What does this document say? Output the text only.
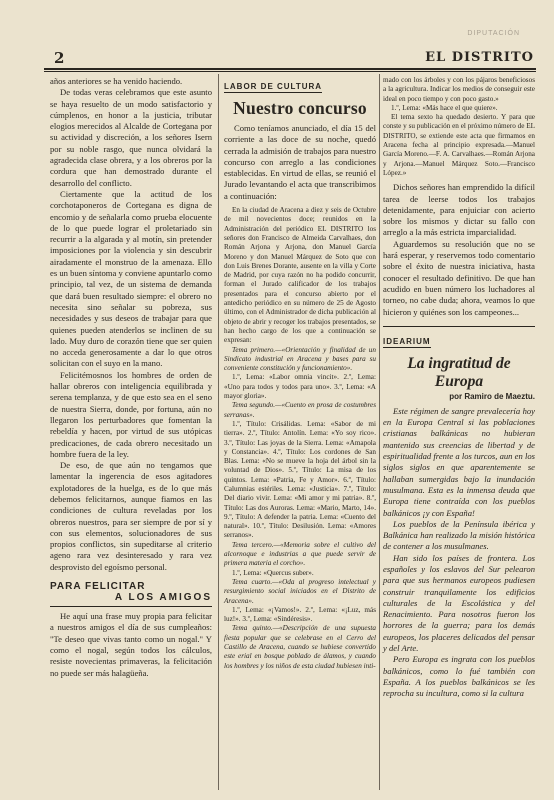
DIPUTACIÓN
2	EL DISTRITO

años anteriores se ha venido haciendo.

De todas veras celebramos que este asunto se haya resuelto de un modo satisfactorio y cúmplenos, en honor a la justicia, tributar elogios merecidos al Alcalde de Cortegana por su actividad y discreción, a los señores Isern por su noble rasgo, que nunca olvidará la agradecida clase obrera, y a los obreros por la cordura que han demostrado durante el desarrollo del conflicto.

Ciertamente que la actitud de los corchotaponeros de Cortegana es digna de encomio y de señalarla como prueba elocuente de lo que puede lograr el proletariado sin recurrir a la algarada y al motín, sin pretender imposiciones por la violencia y sin descubrir airadamente el monstruo de la amenaza. Ello es un buen síntoma y conviene apuntarlo como principio, tal vez, de un sistema de demanda que dará buen resultado siempre: el obrero no necesita sino señalar su pobreza, sus necesidades y sus deseos de trabajar para que quienes pueden atenderlos se inclinen de su lado. Muy duro de corazón tiene que ser quien no acceda generosamente a dar lo que otros solicitan con el suyo en la mano.

Felicitémosnos los hombres de orden de hallar obreros con inteligencia equilibrada y serena templanza, y de que esto sea en el seno de nuestra Sierra, donde, por fortuna, aún no llegaron los perturbadores que fomentan la rebeldía y hacen, por virtud de sus utópicas predicaciones, de cada obrero necesitado un hombre fuera de la ley.

De eso, de que aún no tengamos que lamentar la ingerencia de esos agitadores explotadores de la huelga, es de lo que más debemos felicitarnos, aunque fiamos en las condiciones de cultura reveladas por los obreros nuestros, para ser siempre de por sí y con sus elementos, solucionadores de sus propios conflictos, sin supeditarse al criterio ageno rara vez desinteresado y rara vez desprovisto del egoísmo personal.

PARA FELICITAR
A LOS AMIGOS

He aquí una frase muy propia para felicitar a nuestros amigos el día de sus cumpleaños: "Te deseo que vivas tanto como un nogal." Y como el nogal, según todos los cálculos, resiste novecientas primaveras, la felicitación no puede ser más halagüeña.

LABOR DE CULTURA
Nuestro concurso

Como teníamos anunciado, el día 15 del corriente a las doce de su noche, quedó cerrada la admisión de trabajos para nuestro concurso con arreglo a las condiciones establecidas. En virtud de ellas, se reunió el Jurado levantando el acta que transcribimos a continuación:

En la ciudad de Aracena a diez y seis de Octubre de mil novecientos doce; reunidos en la Administración del periódico EL DISTRITO los señores don Francisco de Almeida Carvalhaes, don Román Arjona y Arjona, don Manuel García Moreno y don Manuel Márquez de Soto que con don Luis Brenes Dorante, ausente en la villa y Corte de Madrid, por cuya razón no ha podido concurrir, forman el Jurado calificador de los trabajos presentados para el concurso abierto por el antedicho periódico en su número de 25 de Agosto último, con el Administrador de dicha publicación al objeto de abrir y recoger los trabajos presentados, se han hecho cargo de los que a continuación se expresan:

Tema primero.—«Orientación y finalidad de un Sindicato industrial en Aracena y bases para su conveniente constitución y funcionamiento».

1.º, Lema: «Labor omnia vincit». 2.º, Lema: «Uno para todos y todos para uno». 3.º, Lema: «A mayor gloria».

Tema segundo.—«Cuento en prosa de costumbres serranas».

1.º, Título: Crisálidas. Lema: «Sabor de mi tierra». 2.º, Título: Antolín. Lema: «Yo soy rico». 3.º, Título: Las joyas de la Sierra. Lema: «Amapola y Constancia». 4.º, Título: Los cordones de San Blas. Lema: «No se mueve la hoja del árbol sin la voluntad de Dios». 5.º, Título: La misa de los quintos. Lema: «Patria, Fe y Amor». 6.º, Título: Calumnias estériles. Lema: «Justicia». 7.º, Título: Del diario vivir. Lema: «Mi amor y mi patria». 8.º, Título: Las dos Auroras. Lema: «Mario, Marto, 14». 9.º, Título: A defender la patria. Lema: «Cuento del natural». 10.º, Título: Desilusión. Lema: «Amores serranos».

Tema tercero.—«Memoria sobre el cultivo del alcornoque e industrias a que puede servir de primera materia el corcho».

1.º, Lema: «Quercus suber».

Tema cuarto.—«Oda al progreso intelectual y resurgimiento social iniciados en el Distrito de Aracena».

1.º, Lema: «¡Vamos!». 2.º, Lema: «¡Luz, más luz!». 3.º, Lema: «Sindéresis».

Tema quinto.—«Descripción de una supuesta fiesta popular que se celebrase en el Cerro del Castillo de Aracena, cuando se hubiese convertido este erial en bosque poblado de álamos, y cuando los hombres y los niños de esta ciudad hubiesen inti-

mado con los árboles y con los pájaros beneficiosos a la agricultura. Indicar los medios de conseguir este ideal en poco tiempo y con poco gasto.»

1.º, Lema: «Más hace el que quiere».

El tema sexto ha quedado desierto. Y para que conste y su publicación en el próximo número de EL DISTRITO, se extiende este acta que firmamos en Aracena fecha al principio expresada.—Manuel García Moreno.—F. A. Carvalhaes.—Román Arjona y Arjona.—Manuel Márquez Soto.—Francisco López.»

Dichos señores han emprendido la difícil tarea de leerse todos los trabajos detenidamente, para enjuiciar con acierto sobre los mismos y dictar su fallo con arreglo a la más estricta imparcialidad.

Aguardemos su resolución que no se hará esperar, y reservemos todo comentario sobre el éxito de nuestra iniciativa, hasta conocer el resultado definitivo. De que han acudido en buen número los luchadores al torneo, no cabe duda; ahora, veamos lo que hicieron y quiénes son los campeones...

IDEARIUM
La ingratitud de Europa
por Ramiro de Maeztu.

Este régimen de sangre prevalecería hoy en la Europa Central si las poblaciones cristianas balkánicas no hubieran mantenido sus creencias de libertad y de espiritualidad frente a los turcos, aun en los siglos siglos en que aparentemente se hallaban sumergidas bajo la inundación musulmana. Esta es la inmensa deuda que Europa tiene contraída con los pueblos balkánicos ¡y con España!

Los pueblos de la Península ibérica y Balkánica han realizado la misión histórica de contener a los musulmanes.

Han sido los países de frontera. Los españoles y los eslavos del Sur pelearon para que sus hermanos europeos pudiesen construir tranquilamente los edificios culturales de la Escolástica y del Renacimiento. Para nosotros fueron los horrores de la guerra; para los demás europeos, los placeres delicados del pensar y del Arte.

Pero Europa es ingrata con los pueblos balkánicos, como lo fué también con España. A los pueblos balkánicos se les reprocha su incultura, como si la cultura
